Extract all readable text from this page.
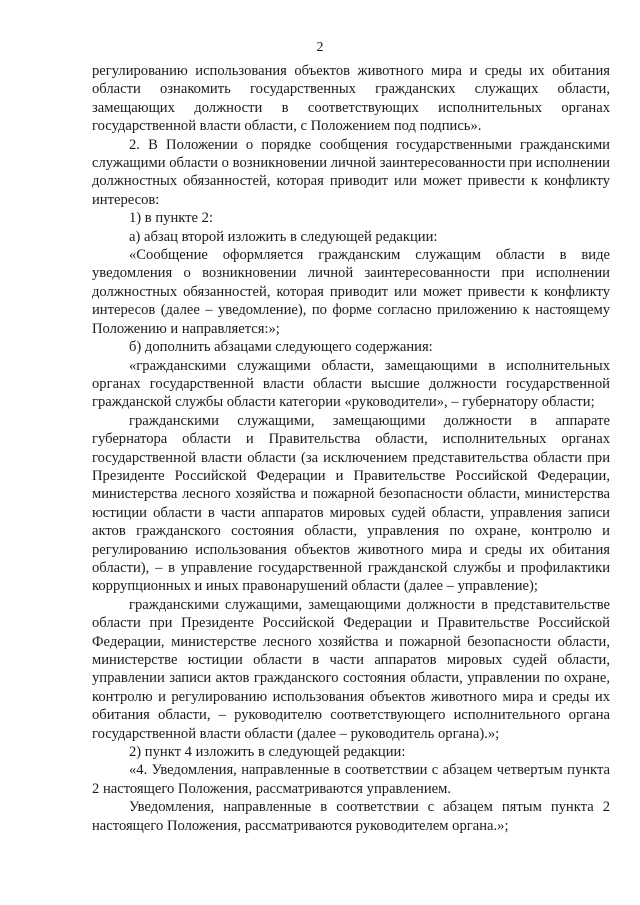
2

регулированию использования объектов животного мира и среды их обитания области ознакомить государственных гражданских служащих области, замещающих должности в соответствующих исполнительных органах государственной власти области, с Положением под подпись».

2. В Положении о порядке сообщения государственными гражданскими служащими области о возникновении личной заинтересованности при исполнении должностных обязанностей, которая приводит или может привести к конфликту интересов:

1) в пункте 2:

а) абзац второй изложить в следующей редакции:

«Сообщение оформляется гражданским служащим области в виде уведомления о возникновении личной заинтересованности при исполнении должностных обязанностей, которая приводит или может привести к конфликту интересов (далее – уведомление), по форме согласно приложению к настоящему Положению и направляется:»;

б) дополнить абзацами следующего содержания:

«гражданскими служащими области, замещающими в исполнительных органах государственной власти области высшие должности государственной гражданской службы области категории «руководители», – губернатору области;

гражданскими служащими, замещающими должности в аппарате губернатора области и Правительства области, исполнительных органах государственной власти области (за исключением представительства области при Президенте Российской Федерации и Правительстве Российской Федерации, министерства лесного хозяйства и пожарной безопасности области, министерства юстиции области в части аппаратов мировых судей области, управления записи актов гражданского состояния области, управления по охране, контролю и регулированию использования объектов животного мира и среды их обитания области), – в управление государственной гражданской службы и профилактики коррупционных и иных правонарушений области (далее – управление);

гражданскими служащими, замещающими должности в представительстве области при Президенте Российской Федерации и Правительстве Российской Федерации, министерстве лесного хозяйства и пожарной безопасности области, министерстве юстиции области в части аппаратов мировых судей области, управлении записи актов гражданского состояния области, управлении по охране, контролю и регулированию использования объектов животного мира и среды их обитания области, – руководителю соответствующего исполнительного органа государственной власти области (далее – руководитель органа).»;

2) пункт 4 изложить в следующей редакции:

«4. Уведомления, направленные в соответствии с абзацем четвертым пункта 2 настоящего Положения, рассматриваются управлением.

Уведомления, направленные в соответствии с абзацем пятым пункта 2 настоящего Положения, рассматриваются руководителем органа.»;
